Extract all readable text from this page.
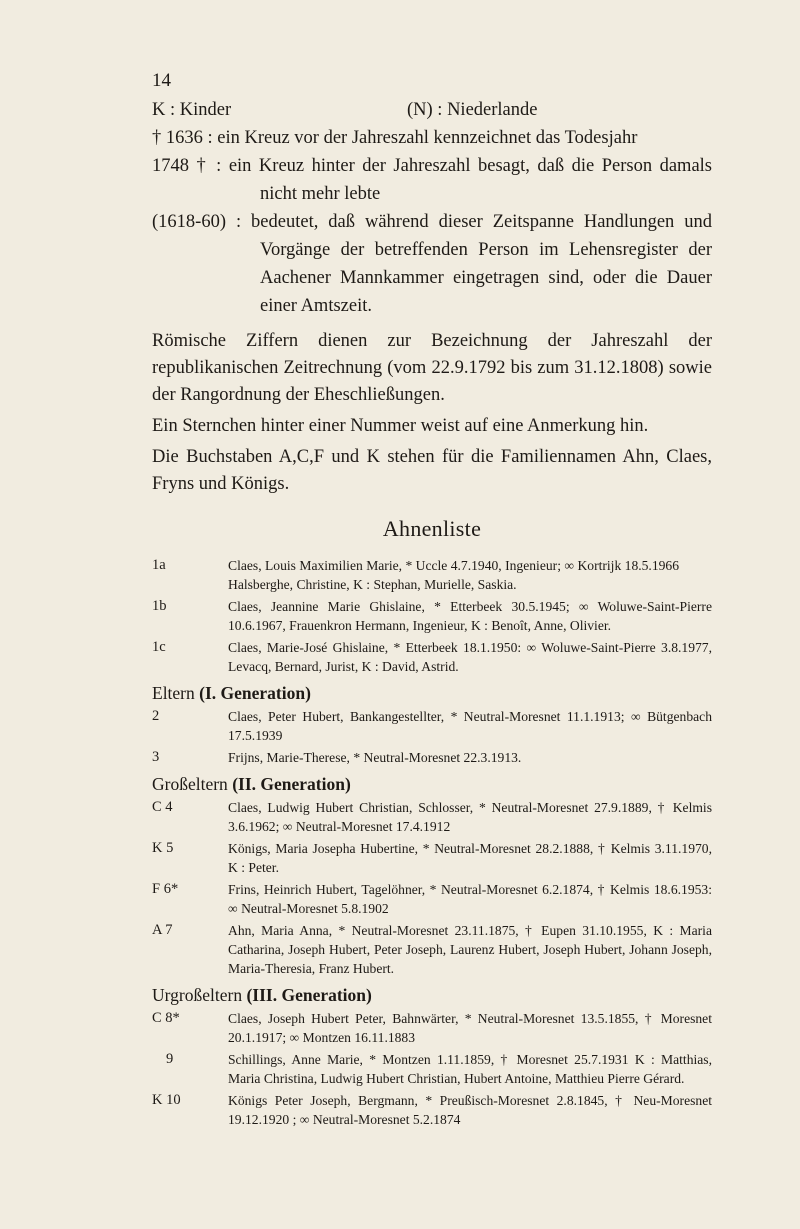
14
K : Kinder	(N) : Niederlande
† 1636 : ein Kreuz vor der Jahreszahl kennzeichnet das Todesjahr
1748 † : ein Kreuz hinter der Jahreszahl besagt, daß die Person damals nicht mehr lebte
(1618-60) : bedeutet, daß während dieser Zeitspanne Handlungen und Vorgänge der betreffenden Person im Lehensregister der Aachener Mannkammer eingetragen sind, oder die Dauer einer Amtszeit.
Römische Ziffern dienen zur Bezeichnung der Jahreszahl der republikanischen Zeitrechnung (vom 22.9.1792 bis zum 31.12.1808) sowie der Rangordnung der Eheschließungen.
Ein Sternchen hinter einer Nummer weist auf eine Anmerkung hin.
Die Buchstaben A,C,F und K stehen für die Familiennamen Ahn, Claes, Fryns und Königs.
Ahnenliste
1a	Claes, Louis Maximilien Marie, * Uccle 4.7.1940, Ingenieur; ∞ Kortrijk 18.5.1966
Halsberghe, Christine, K : Stephan, Murielle, Saskia.
1b	Claes, Jeannine Marie Ghislaine, * Etterbeek 30.5.1945; ∞ Woluwe-Saint-Pierre 10.6.1967, Frauenkron Hermann, Ingenieur, K : Benoît, Anne, Olivier.
1c	Claes, Marie-José Ghislaine, * Etterbeek 18.1.1950: ∞ Woluwe-Saint-Pierre 3.8.1977, Levacq, Bernard, Jurist, K : David, Astrid.
Eltern (I. Generation)
2	Claes, Peter Hubert, Bankangestellter, * Neutral-Moresnet 11.1.1913; ∞ Bütgenbach 17.5.1939
3	Frijns, Marie-Therese, * Neutral-Moresnet 22.3.1913.
Großeltern (II. Generation)
C 4	Claes, Ludwig Hubert Christian, Schlosser, * Neutral-Moresnet 27.9.1889, † Kelmis 3.6.1962; ∞ Neutral-Moresnet 17.4.1912
K 5	Königs, Maria Josepha Hubertine, * Neutral-Moresnet 28.2.1888, † Kelmis 3.11.1970, K : Peter.
F 6*	Frins, Heinrich Hubert, Tagelöhner, * Neutral-Moresnet 6.2.1874, † Kelmis 18.6.1953: ∞ Neutral-Moresnet 5.8.1902
A 7	Ahn, Maria Anna, * Neutral-Moresnet 23.11.1875, † Eupen 31.10.1955, K : Maria Catharina, Joseph Hubert, Peter Joseph, Laurenz Hubert, Joseph Hubert, Johann Joseph, Maria-Theresia, Franz Hubert.
Urgroßeltern (III. Generation)
C 8*	Claes, Joseph Hubert Peter, Bahnwärter, * Neutral-Moresnet 13.5.1855, † Moresnet 20.1.1917; ∞ Montzen 16.11.1883
9	Schillings, Anne Marie, * Montzen 1.11.1859, † Moresnet 25.7.1931 K : Matthias, Maria Christina, Ludwig Hubert Christian, Hubert Antoine, Matthieu Pierre Gérard.
K 10	Königs Peter Joseph, Bergmann, * Preußisch-Moresnet 2.8.1845, † Neu-Moresnet 19.12.1920 ; ∞ Neutral-Moresnet 5.2.1874
